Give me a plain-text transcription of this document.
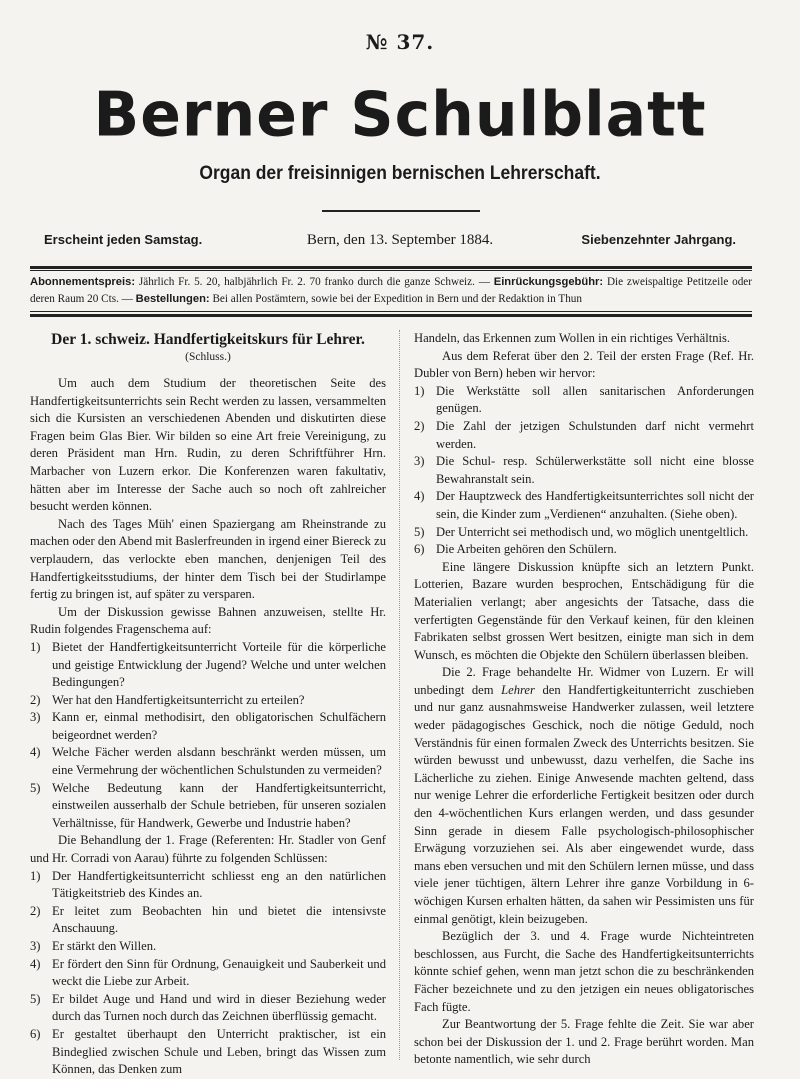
№ 37.
Berner Schulblatt
Organ der freisinnigen bernischen Lehrerschaft.
Erscheint jeden Samstag.	Bern, den 13. September 1884.	Siebenzehnter Jahrgang.
Abonnementspreis: Jährlich Fr. 5. 20, halbjährlich Fr. 2. 70 franko durch die ganze Schweiz. — Einrückungsgebühr: Die zweispaltige Petitzeile oder deren Raum 20 Cts. — Bestellungen: Bei allen Postämtern, sowie bei der Expedition in Bern und der Redaktion in Thun
Der 1. schweiz. Handfertigkeitskurs für Lehrer.
(Schluss.)

Um auch dem Studium der theoretischen Seite des Handfertigkeitsunterrichts sein Recht werden zu lassen, versammelten sich die Kursisten an verschiedenen Abenden und diskutirten diese Fragen beim Glas Bier. Wir bilden so eine Art freie Vereinigung, zu deren Präsident man Hrn. Rudin, zu deren Schriftführer Hrn. Marbacher von Luzern erkor. Die Konferenzen waren fakultativ, hätten aber im Interesse der Sache auch so noch oft zahlreicher besucht werden können.

Nach des Tages Müh' einen Spaziergang am Rheinstrande zu machen oder den Abend mit Baslerfreunden in irgend einer Biereck zu verplaudern, das verlockte eben manchen, denjenigen Teil des Handfertigkeitsstudiums, der hinter dem Tisch bei der Studirlampe fertig zu bringen ist, auf später zu versparen.

Um der Diskussion gewisse Bahnen anzuweisen, stellte Hr. Rudin folgendes Fragenschema auf:

1) Bietet der Handfertigkeitsunterricht Vorteile für die körperliche und geistige Entwicklung der Jugend? Welche und unter welchen Bedingungen?
2) Wer hat den Handfertigkeitsunterricht zu erteilen?
3) Kann er, einmal methodisirt, den obligatorischen Schulfächern beigeordnet werden?
4) Welche Fächer werden alsdann beschränkt werden müssen, um eine Vermehrung der wöchentlichen Schulstunden zu vermeiden?
5) Welche Bedeutung kann der Handfertigkeitsunterricht, einstweilen ausserhalb der Schule betrieben, für unseren sozialen Verhältnisse, für Handwerk, Gewerbe und Industrie haben?

Die Behandlung der 1. Frage (Referenten: Hr. Stadler von Genf und Hr. Corradi von Aarau) führte zu folgenden Schlüssen:

1) Der Handfertigkeitsunterricht schliesst eng an den natürlichen Tätigkeitstrieb des Kindes an.
2) Er leitet zum Beobachten hin und bietet die intensivste Anschauung.
3) Er stärkt den Willen.
4) Er fördert den Sinn für Ordnung, Genauigkeit und Sauberkeit und weckt die Liebe zur Arbeit.
5) Er bildet Auge und Hand und wird in dieser Beziehung weder durch das Turnen noch durch das Zeichnen überflüssig gemacht.
6) Er gestaltet überhaupt den Unterricht praktischer, ist ein Bindeglied zwischen Schule und Leben, bringt das Wissen zum Können, das Denken zum

Handeln, das Erkennen zum Wollen in ein richtiges Verhältnis.

Aus dem Referat über den 2. Teil der ersten Frage (Ref. Hr. Dubler von Bern) heben wir hervor:

1) Die Werkstätte soll allen sanitarischen Anforderungen genügen.
2) Die Zahl der jetzigen Schulstunden darf nicht vermehrt werden.
3) Die Schul- resp. Schülerwerkstätte soll nicht eine blosse Bewahranstalt sein.
4) Der Hauptzweck des Handfertigkeitsunterrichtes soll nicht der sein, die Kinder zum „Verdienen“ anzuhalten. (Siehe oben).
5) Der Unterricht sei methodisch und, wo möglich unentgeltlich.
6) Die Arbeiten gehören den Schülern.

Eine längere Diskussion knüpfte sich an letztern Punkt. Lotterien, Bazare wurden besprochen, Entschädigung für die Materialien verlangt; aber angesichts der Tatsache, dass die verfertigten Gegenstände für den Verkauf keinen, für den kleinen Fabrikaten selbst grossen Wert besitzen, einigte man sich in dem Wunsch, es möchten die Objekte den Schülern überlassen bleiben.

Die 2. Frage behandelte Hr. Widmer von Luzern. Er will unbedingt dem Lehrer den Handfertigkeitunterricht zuschieben und nur ganz ausnahmsweise Handwerker zulassen, weil letztere weder pädagogisches Geschick, noch die nötige Geduld, noch Verständnis für einen formalen Zweck des Unterrichts besitzen. Sie würden bewusst und unbewusst, dazu verhelfen, die Sache ins Lächerliche zu ziehen. Einige Anwesende machten geltend, dass nur wenige Lehrer die erforderliche Fertigkeit besitzen oder durch den 4-wöchentlichen Kurs erlangen werden, und dass gesunder Sinn gerade in diesem Falle psychologisch-philosophischer Erwägung vorzuziehen sei. Als aber eingewendet wurde, dass mans eben versuchen und mit den Schülern lernen müsse, und dass viele jener tüchtigen, ältern Lehrer ihre ganze Vorbildung in 6-wöchigen Kursen erhalten hätten, da sahen wir Pessimisten uns für einmal genötigt, klein beizugeben.

Bezüglich der 3. und 4. Frage wurde Nichteintreten beschlossen, aus Furcht, die Sache des Handfertigkeitsunterrichts könnte schief gehen, wenn man jetzt schon die zu beschränkenden Fächer bezeichnete und zu den jetzigen ein neues obligatorisches Fach fügte.

Zur Beantwortung der 5. Frage fehlte die Zeit. Sie war aber schon bei der Diskussion der 1. und 2. Frage berührt worden. Man betonte namentlich, wie sehr durch
